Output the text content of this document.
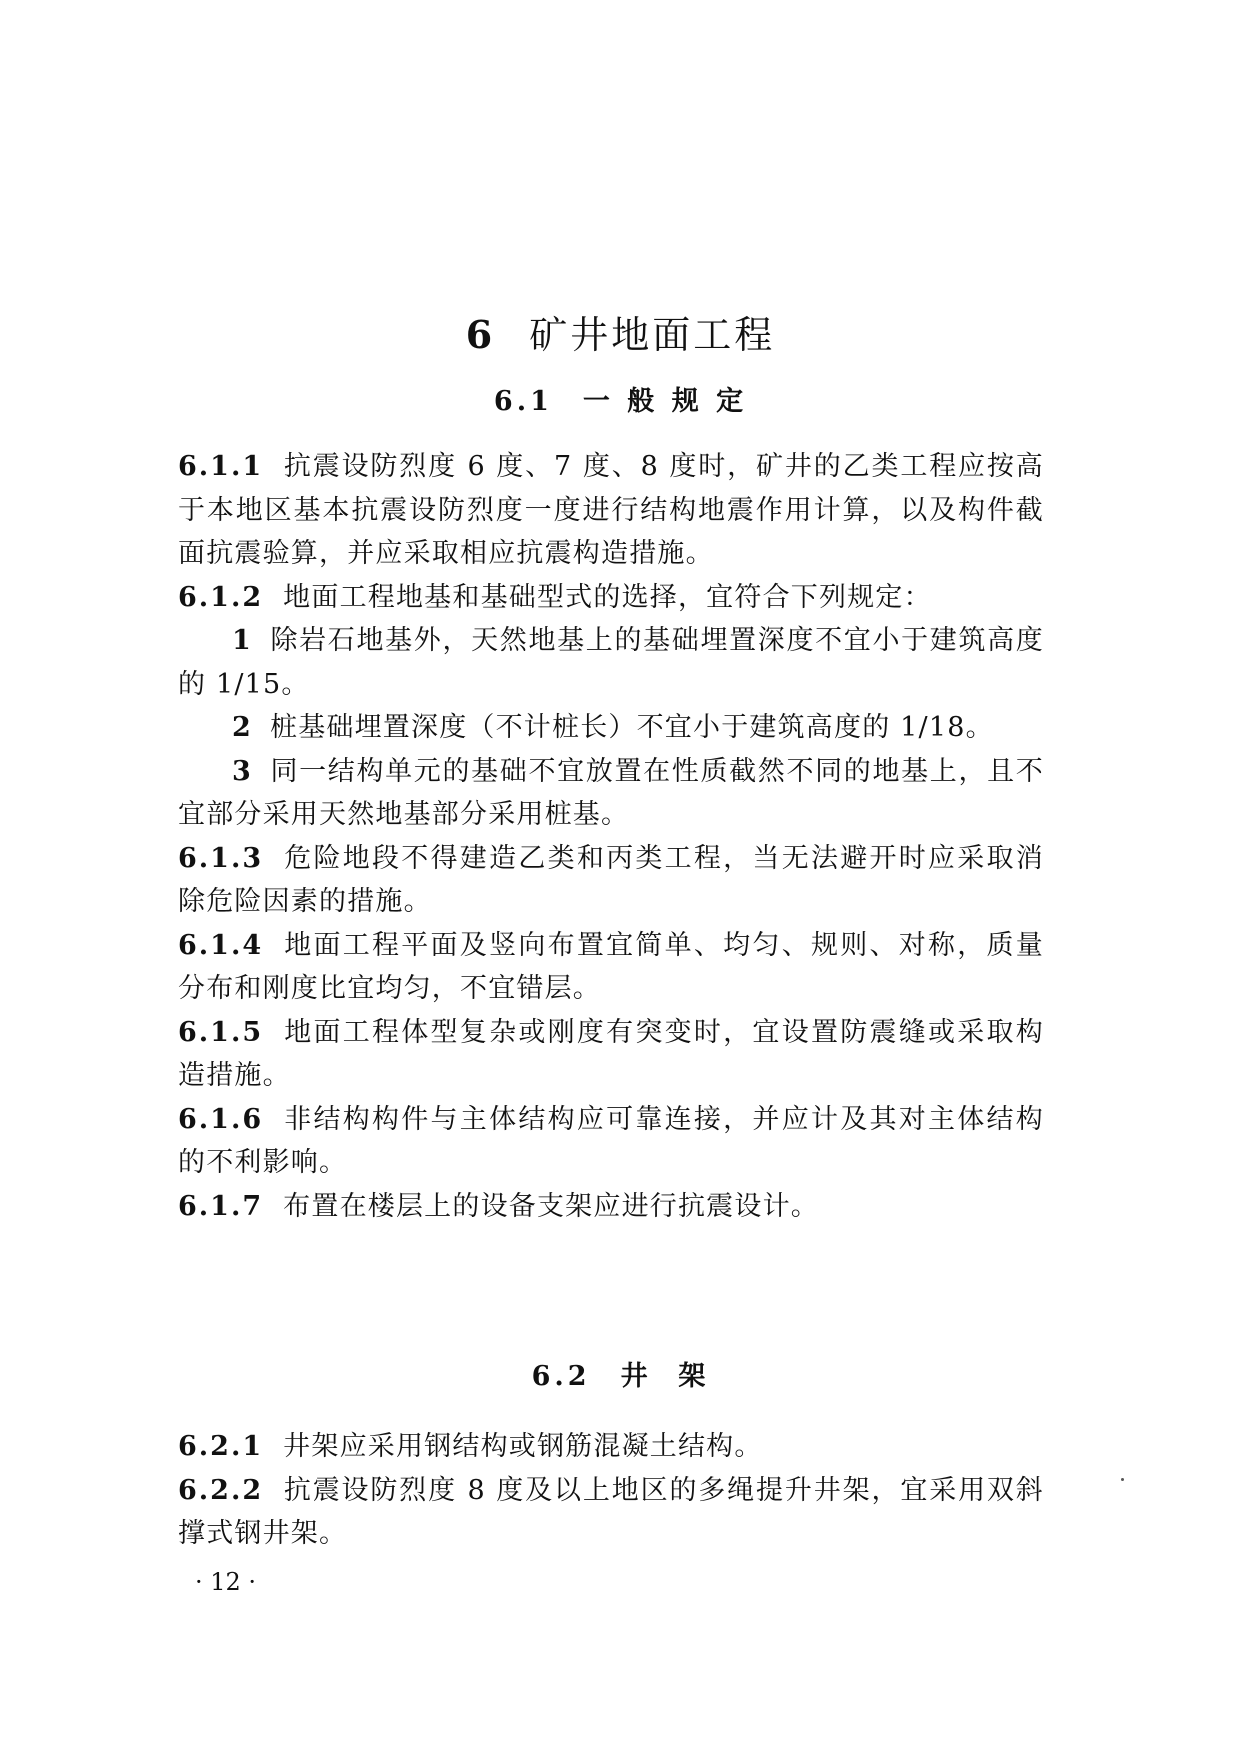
6 矿井地面工程
6.1 一 般 规 定

6.1.1 抗震设防烈度 6 度、7 度、8 度时，矿井的乙类工程应按高于本地区基本抗震设防烈度一度进行结构地震作用计算，以及构件截面抗震验算，并应采取相应抗震构造措施。

6.1.2 地面工程地基和基础型式的选择，宜符合下列规定：

1 除岩石地基外，天然地基上的基础埋置深度不宜小于建筑高度的 1/15。

2 桩基础埋置深度（不计桩长）不宜小于建筑高度的 1/18。

3 同一结构单元的基础不宜放置在性质截然不同的地基上，且不宜部分采用天然地基部分采用桩基。

6.1.3 危险地段不得建造乙类和丙类工程，当无法避开时应采取消除危险因素的措施。

6.1.4 地面工程平面及竖向布置宜简单、均匀、规则、对称，质量分布和刚度比宜均匀，不宜错层。

6.1.5 地面工程体型复杂或刚度有突变时，宜设置防震缝或采取构造措施。

6.1.6 非结构构件与主体结构应可靠连接，并应计及其对主体结构的不利影响。

6.1.7 布置在楼层上的设备支架应进行抗震设计。

6.2 井  架

6.2.1 井架应采用钢结构或钢筋混凝土结构。

6.2.2 抗震设防烈度 8 度及以上地区的多绳提升井架，宜采用双斜撑式钢井架。

· 12 ·
